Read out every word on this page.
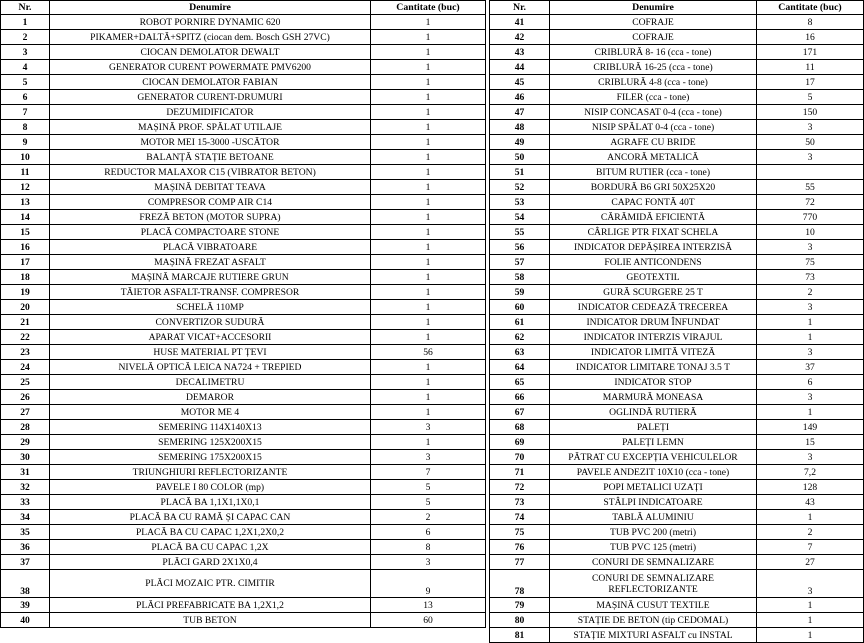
Nr.	Denumire	Cantitate (buc)
1	ROBOT PORNIRE DYNAMIC 620	1
2	PIKAMER+DALTĂ+SPITZ (ciocan dem. Bosch GSH 27VC)	1
3	CIOCAN DEMOLATOR DEWALT	1
4	GENERATOR CURENT POWERMATE PMV6200	1
5	CIOCAN DEMOLATOR FABIAN	1
6	GENERATOR CURENT-DRUMURI	1
7	DEZUMIDIFICATOR	1
8	MAȘINĂ PROF. SPĂLAT UTILAJE	1
9	MOTOR MEI 15-3000 -USCĂTOR	1
10	BALANȚĂ STAȚIE BETOANE	1
11	REDUCTOR MALAXOR C15 (VIBRATOR BETON)	1
12	MAȘINĂ DEBITAT TEAVA	1
13	COMPRESOR COMP AIR C14	1
14	FREZĂ BETON (MOTOR SUPRA)	1
15	PLACĂ COMPACTOARE STONE	1
16	PLACĂ VIBRATOARE	1
17	MAȘINĂ FREZAT ASFALT	1
18	MAȘINĂ MARCAJE RUTIERE GRUN	1
19	TĂIETOR ASFALT-TRANSF. COMPRESOR	1
20	SCHELĂ 110MP	1
21	CONVERTIZOR SUDURĂ	1
22	APARAT VICAT+ACCESORII	1
23	HUSE MATERIAL PT ȚEVI	56
24	NIVELĂ OPTICĂ LEICA NA724 + TREPIED	1
25	DECALIMETRU	1
26	DEMAROR	1
27	MOTOR ME 4	1
28	SEMERING 114X140X13	3
29	SEMERING 125X200X15	1
30	SEMERING 175X200X15	3
31	TRIUNGHIURI REFLECTORIZANTE	7
32	PAVELE I 80 COLOR (mp)	5
33	PLACĂ BA 1,1X1,1X0,1	5
34	PLACĂ BA CU RAMĂ ȘI CAPAC CAN	2
35	PLACĂ BA CU CAPAC 1,2X1,2X0,2	6
36	PLACĂ BA CU CAPAC 1,2X	8
37	PLĂCI GARD 2X1X0,4	3
38	PLĂCI MOZAIC PTR. CIMITIR	9
39	PLĂCI PREFABRICATE BA 1,2X1,2	13
40	TUB BETON	60
Nr.	Denumire	Cantitate (buc)
41	COFRAJE	8
42	COFRAJE	16
43	CRIBLURĂ 8- 16 (cca - tone)	171
44	CRIBLURĂ 16-25 (cca - tone)	11
45	CRIBLURĂ 4-8 (cca - tone)	17
46	FILER (cca - tone)	5
47	NISIP CONCASAT 0-4 (cca - tone)	150
48	NISIP SPĂLAT 0-4 (cca - tone)	3
49	AGRAFE CU BRIDE	50
50	ANCORĂ METALICĂ	3
51	BITUM RUTIER (cca - tone)	
52	BORDURĂ B6 GRI 50X25X20	55
53	CAPAC FONTĂ 40T	72
54	CĂRĂMIDĂ EFICIENTĂ	770
55	CÂRLIGE PTR FIXAT SCHELA	10
56	INDICATOR DEPĂȘIREA INTERZISĂ	3
57	FOLIE ANTICONDENS	75
58	GEOTEXTIL	73
59	GURĂ SCURGERE 25 T	2
60	INDICATOR CEDEAZĂ TRECEREA	3
61	INDICATOR DRUM ÎNFUNDAT	1
62	INDICATOR INTERZIS VIRAJUL	1
63	INDICATOR LIMITĂ VITEZĂ	3
64	INDICATOR LIMITARE TONAJ 3.5 T	37
65	INDICATOR STOP	6
66	MARMURĂ MONEASA	3
67	OGLINDĂ RUTIERĂ	1
68	PALEȚI	149
69	PALEȚI LEMN	15
70	PĂTRAT CU EXCEPȚIA VEHICULELOR	3
71	PAVELE ANDEZIT 10X10 (cca - tone)	7,2
72	POPI METALICI UZAȚI	128
73	STÂLPI INDICATOARE	43
74	TABLĂ ALUMINIU	1
75	TUB PVC 200 (metri)	2
76	TUB PVC 125 (metri)	7
77	CONURI DE SEMNALIZARE	27
78	CONURI DE SEMNALIZARE REFLECTORIZANTE	3
79	MAȘINĂ CUSUT TEXTILE	1
80	STAȚIE DE BETON (tip CEDOMAL)	1
81	STAȚIE MIXTURI ASFALT cu INSTAL	1
